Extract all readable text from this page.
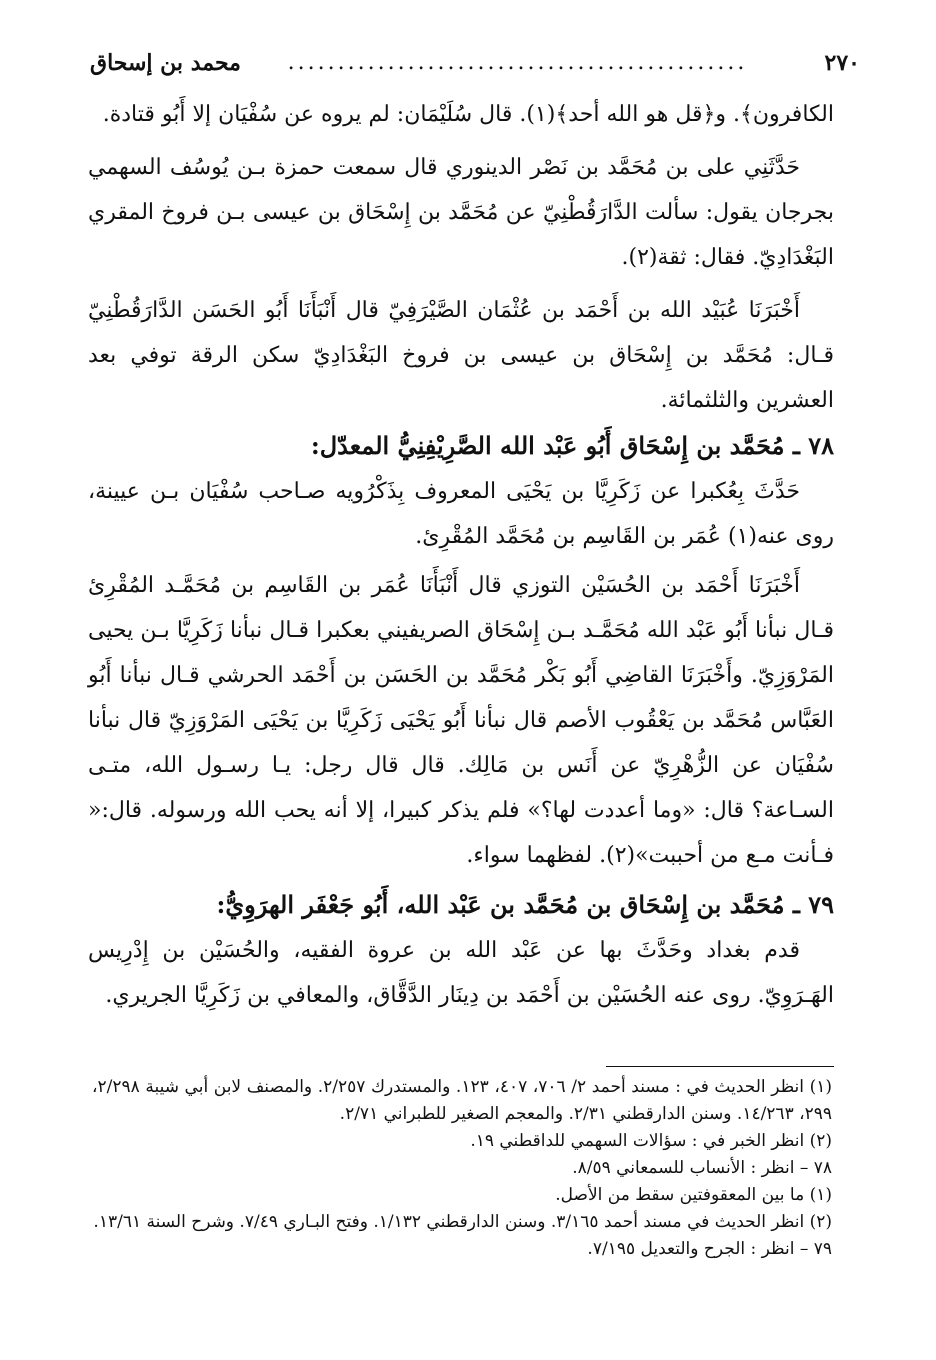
٢٧٠
..............................................
محمد بن إسحاق

الكافرون﴾. و﴿قل هو الله أحد﴾(١). قال سُلَيْمَان: لم يروه عن سُفْيَان إلا أَبُو قتادة.

حَدَّثَنِي على بن مُحَمَّد بن نَصْر الدينوري قال سمعت حمزة بـن يُوسُف السهمي بجرجان يقول: سألت الدَّارَقُطْنِيّ عن مُحَمَّد بن إِسْحَاق بن عيسى بـن فروخ المقري البَغْدَادِيّ. فقال: ثقة(٢).

أَخْبَرَنَا عُبَيْد الله بن أَحْمَد بن عُثْمَان الصَّيْرَفِيّ قال أَنْبَأَنَا أَبُو الحَسَن الدَّارَقُطْنِيّ قـال: مُحَمَّد بن إِسْحَاق بن عيسى بن فروخ البَغْدَادِيّ سكن الرقة توفي بعد العشرين والثلثمائة.

٧٨ ـ مُحَمَّد بن إِسْحَاق أَبُو عَبْد الله الصَّرِيْفِنِيُّ المعدّل:

حَدَّثَ بِعُكبرا عن زَكَرِيَّا بن يَحْيَى المعروف بِذَكْرُويه صـاحب سُفْيَان بـن عيينة، روى عنه(١) عُمَر بن القَاسِم بن مُحَمَّد المُقْرِئ.

أَخْبَرَنَا أَحْمَد بن الحُسَيْن التوزي قال أَنْبَأَنَا عُمَر بن القَاسِم بن مُحَمَّـد المُقْرِئ قـال نبأنا أَبُو عَبْد الله مُحَمَّـد بـن إِسْحَاق الصريفيني بعكبرا قـال نبأنا زَكَرِيَّا بـن يحيى المَرْوَزِيّ. وأَخْبَرَنَا القاضِي أَبُو بَكْر مُحَمَّد بن الحَسَن بن أَحْمَد الحرشي قـال نبأنا أَبُو العَبَّاس مُحَمَّد بن يَعْقُوب الأصم قال نبأنا أَبُو يَحْيَى زَكَرِيَّا بن يَحْيَى المَرْوَزِيّ قال نبأنا سُفْيَان عن الزُّهْرِيّ عن أَنَس بن مَالِك. قال قال رجل: يـا رسـول الله، متـى السـاعة؟ قال: «وما أعددت لها؟» فلم يذكر كبيرا، إلا أنه يحب الله ورسوله. قال:« فـأنت مـع من أحببت»(٢). لفظهما سواء.

٧٩ ـ مُحَمَّد بن إِسْحَاق بن مُحَمَّد بن عَبْد الله، أَبُو جَعْفَر الهرَوِيُّ:

قدم بغداد وحَدَّثَ بها عن عَبْد الله بن عروة الفقيه، والحُسَيْن بن إِدْرِيس الهَـرَوِيّ. روى عنه الحُسَيْن بن أَحْمَد بن دِينَار الدَّقَّاق، والمعافي بن زَكَرِيَّا الجريري.

(١) انظر الحديث في : مسند أحمد ٢/ ٧٠٦، ٤٠٧، ١٢٣. والمستدرك ٢/٢٥٧. والمصنف لابن أبي شيبة ٢/٢٩٨، ٢٩٩، ١٤/٢٦٣. وسنن الدارقطني ٢/٣١. والمعجم الصغير للطبراني ٢/٧١.

(٢) انظر الخبر في : سؤالات السهمي للداقطني ١٩.

٧٨ – انظر : الأنساب للسمعاني ٨/٥٩.

(١) ما بين المعقوفتين سقط من الأصل.

(٢) انظر الحديث في مسند أحمد ٣/١٦٥. وسنن الدارقطني ١/١٣٢. وفتح البـاري ٧/٤٩. وشرح السنة ١٣/٦١.

٧٩ – انظر : الجرح والتعديل ٧/١٩٥.
